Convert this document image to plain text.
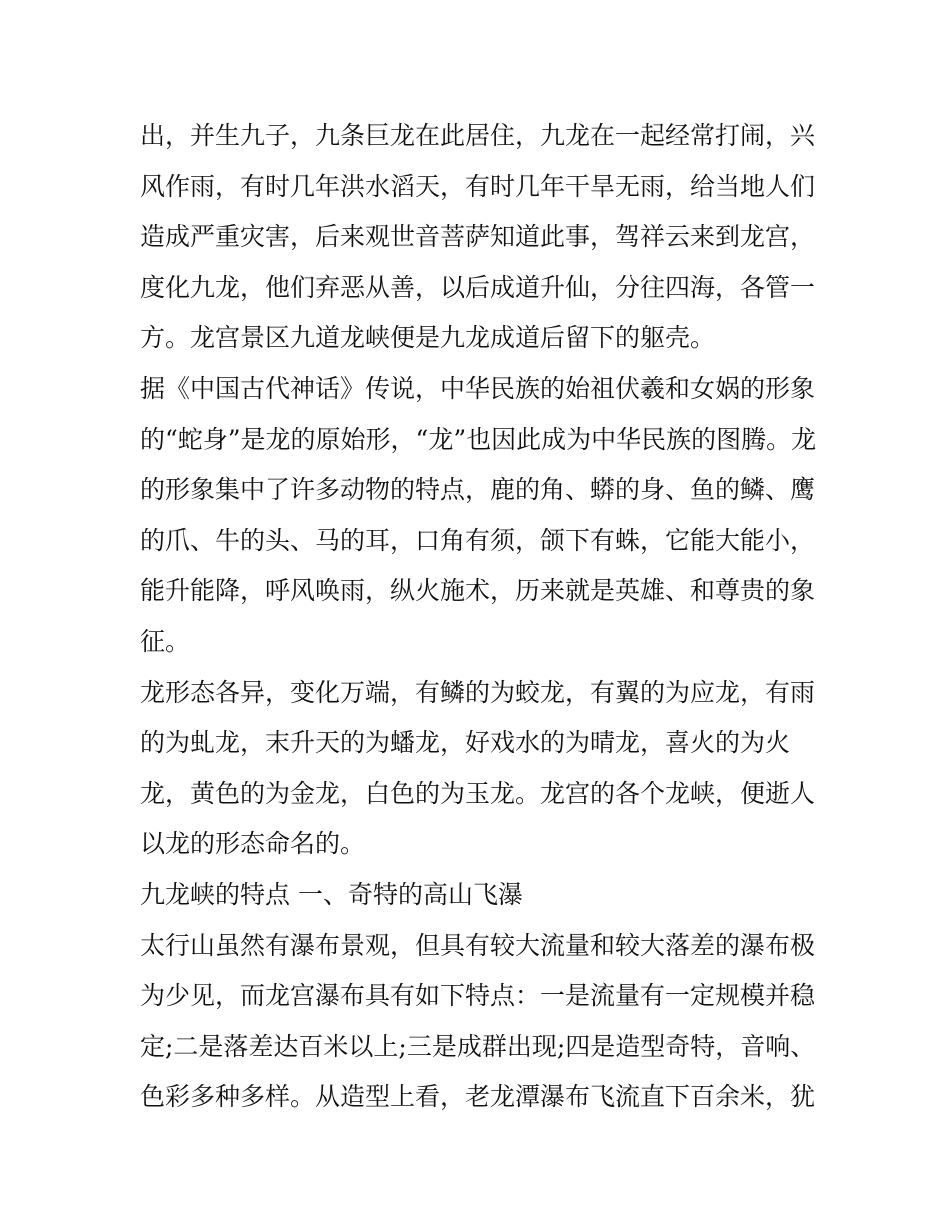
出，并生九子，九条巨龙在此居住，九龙在一起经常打闹，兴
风作雨，有时几年洪水滔天，有时几年干旱无雨，给当地人们
造成严重灾害，后来观世音菩萨知道此事，驾祥云来到龙宫，
度化九龙，他们弃恶从善，以后成道升仙，分往四海，各管一
方。龙宫景区九道龙峡便是九龙成道后留下的躯壳。
据《中国古代神话》传说，中华民族的始祖伏羲和女娲的形象
的“蛇身”是龙的原始形，“龙”也因此成为中华民族的图腾。龙
的形象集中了许多动物的特点，鹿的角、蟒的身、鱼的鳞、鹰
的爪、牛的头、马的耳，口角有须，颌下有蛛，它能大能小，
能升能降，呼风唤雨，纵火施术，历来就是英雄、和尊贵的象
征。
龙形态各异，变化万端，有鳞的为蛟龙，有翼的为应龙，有雨
的为虬龙，末升天的为蟠龙，好戏水的为晴龙，喜火的为火
龙，黄色的为金龙，白色的为玉龙。龙宫的各个龙峡，便逝人
以龙的形态命名的。
九龙峡的特点 一、奇特的高山飞瀑
太行山虽然有瀑布景观，但具有较大流量和较大落差的瀑布极
为少见，而龙宫瀑布具有如下特点：一是流量有一定规模并稳
定;二是落差达百米以上;三是成群出现;四是造型奇特，音响、
色彩多种多样。从造型上看，老龙潭瀑布飞流直下百余米，犹
